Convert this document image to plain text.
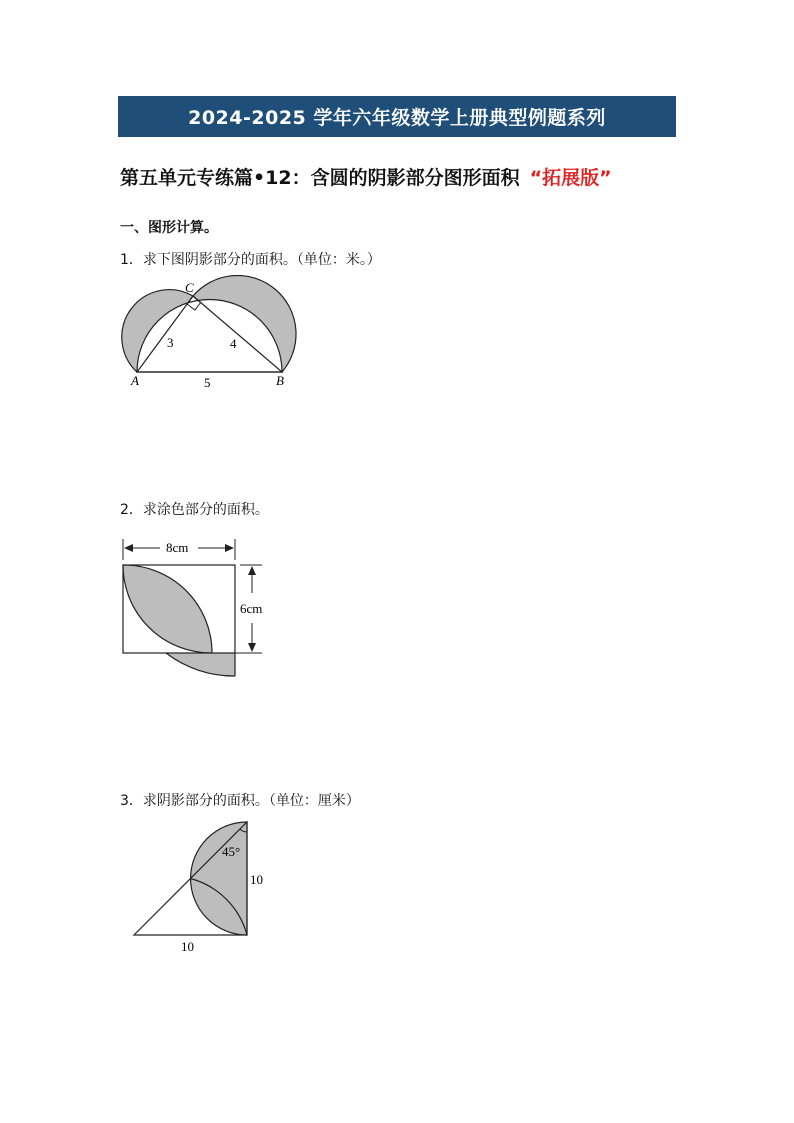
2024-2025 学年六年级数学上册典型例题系列
第五单元专练篇•12：含圆的阴影部分图形面积 “拓展版”
一、图形计算。
1．求下图阴影部分的面积。（单位：米。）
C
A	B
3	4
5
2．求涂色部分的面积。
8cm
6cm
3．求阴影部分的面积。（单位：厘米）
45°
10
10
